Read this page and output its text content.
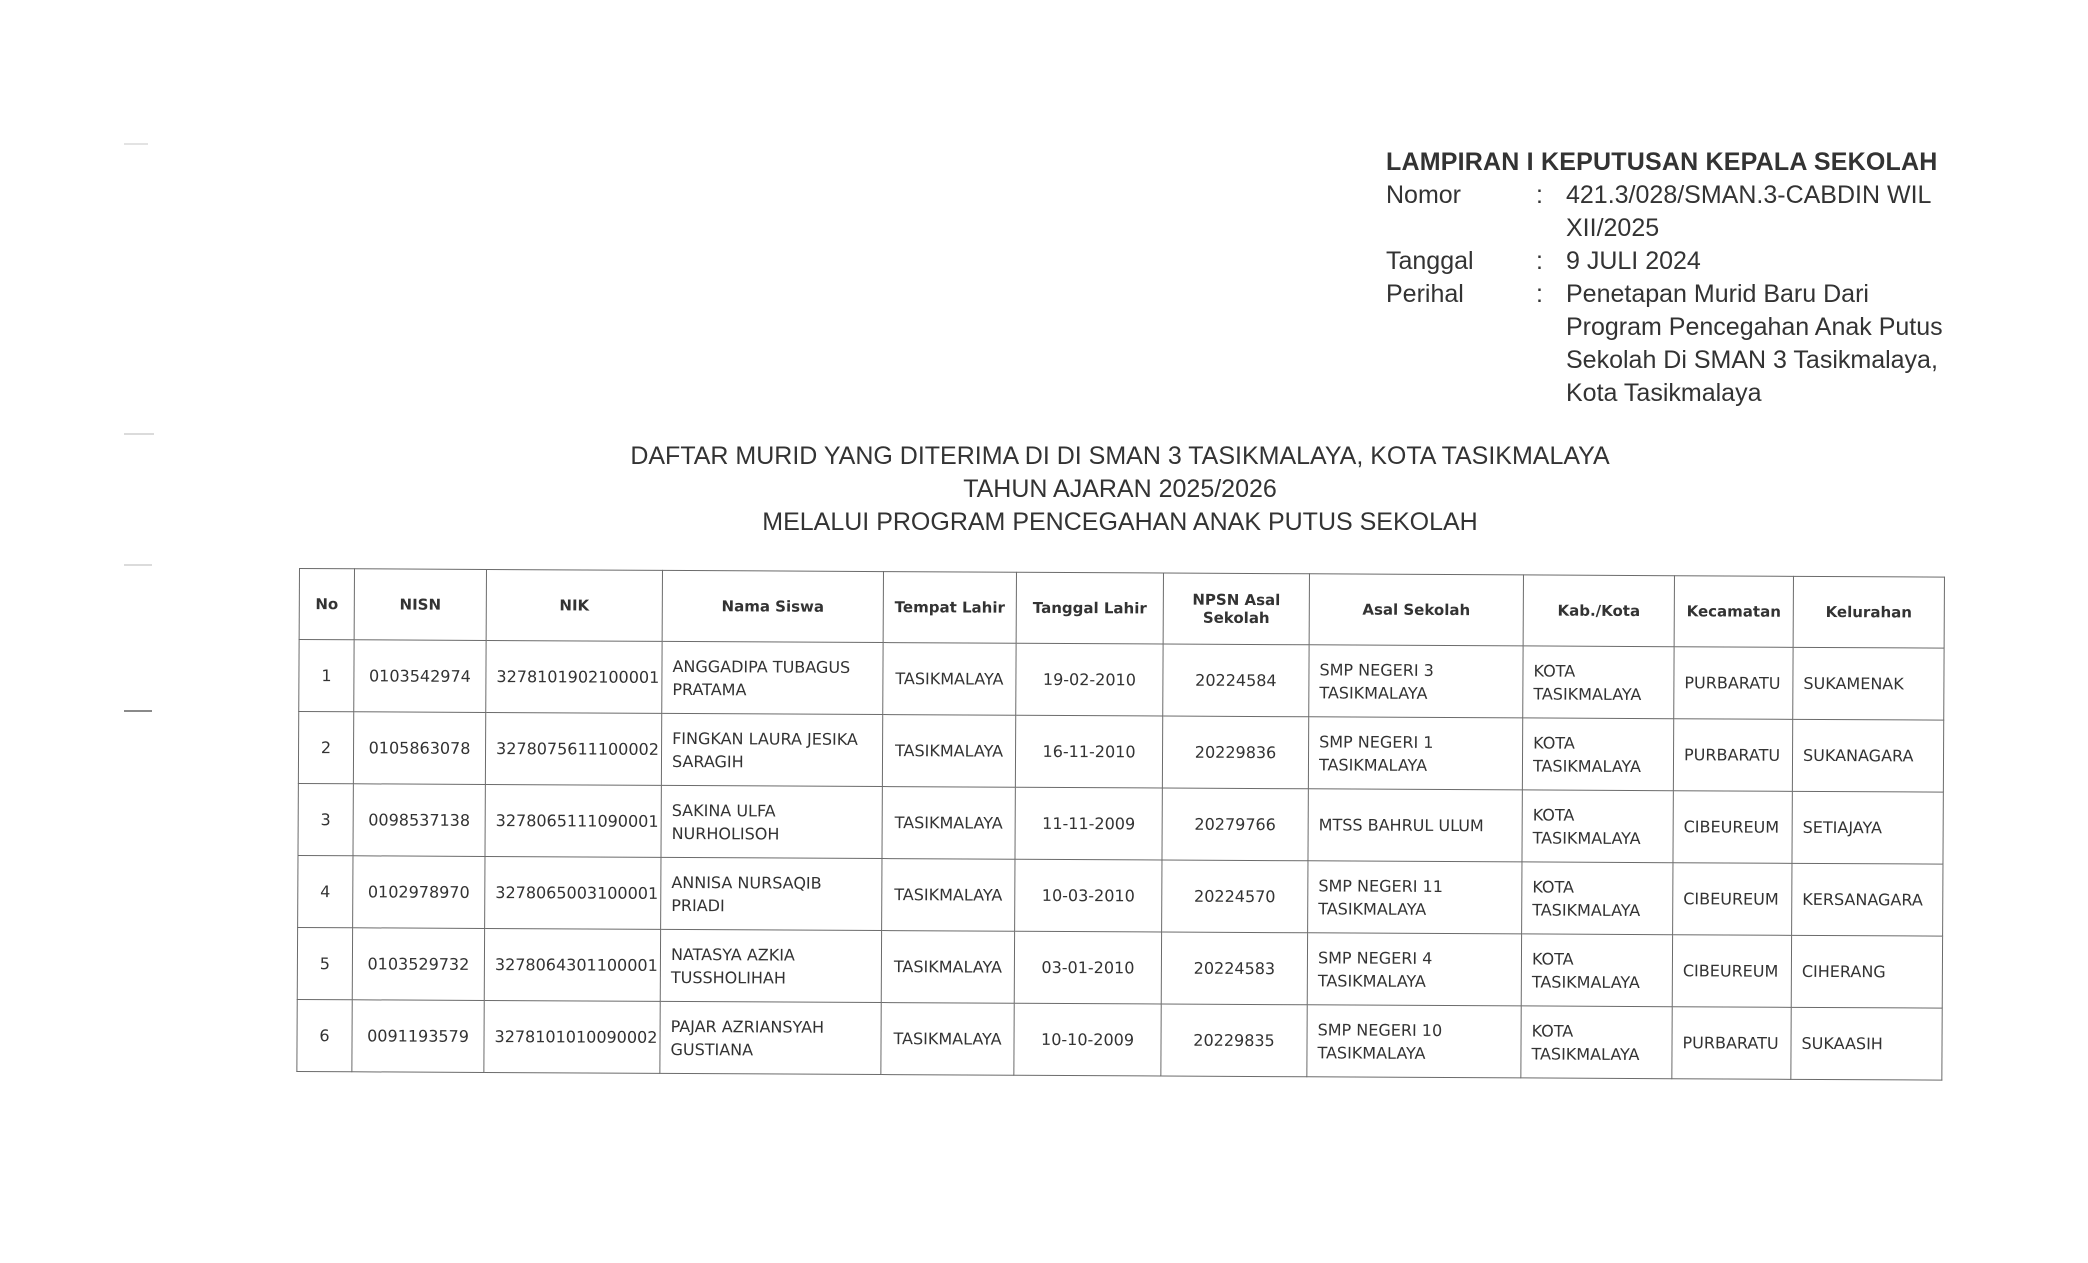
LAMPIRAN I KEPUTUSAN KEPALA SEKOLAH
Nomor	: 421.3/028/SMAN.3-CABDIN WIL XII/2025
Tanggal	: 9 JULI 2024
Perihal	: Penetapan Murid Baru Dari Program Pencegahan Anak Putus Sekolah Di SMAN 3 Tasikmalaya, Kota Tasikmalaya
DAFTAR MURID YANG DITERIMA DI DI SMAN 3 TASIKMALAYA, KOTA TASIKMALAYA
TAHUN AJARAN 2025/2026
MELALUI PROGRAM PENCEGAHAN ANAK PUTUS SEKOLAH
No	NISN	NIK	Nama Siswa	Tempat Lahir	Tanggal Lahir	NPSN Asal Sekolah	Asal Sekolah	Kab./Kota	Kecamatan	Kelurahan
1	0103542974	3278101902100001	ANGGADIPA TUBAGUS PRATAMA	TASIKMALAYA	19-02-2010	20224584	SMP NEGERI 3 TASIKMALAYA	KOTA TASIKMALAYA	PURBARATU	SUKAMENAK
2	0105863078	3278075611100002	FINGKAN LAURA JESIKA SARAGIH	TASIKMALAYA	16-11-2010	20229836	SMP NEGERI 1 TASIKMALAYA	KOTA TASIKMALAYA	PURBARATU	SUKANAGARA
3	0098537138	3278065111090001	SAKINA ULFA NURHOLISOH	TASIKMALAYA	11-11-2009	20279766	MTSS BAHRUL ULUM	KOTA TASIKMALAYA	CIBEUREUM	SETIAJAYA
4	0102978970	3278065003100001	ANNISA NURSAQIB PRIADI	TASIKMALAYA	10-03-2010	20224570	SMP NEGERI 11 TASIKMALAYA	KOTA TASIKMALAYA	CIBEUREUM	KERSANAGARA
5	0103529732	3278064301100001	NATASYA AZKIA TUSSHOLIHAH	TASIKMALAYA	03-01-2010	20224583	SMP NEGERI 4 TASIKMALAYA	KOTA TASIKMALAYA	CIBEUREUM	CIHERANG
6	0091193579	3278101010090002	PAJAR AZRIANSYAH GUSTIANA	TASIKMALAYA	10-10-2009	20229835	SMP NEGERI 10 TASIKMALAYA	KOTA TASIKMALAYA	PURBARATU	SUKAASIH
